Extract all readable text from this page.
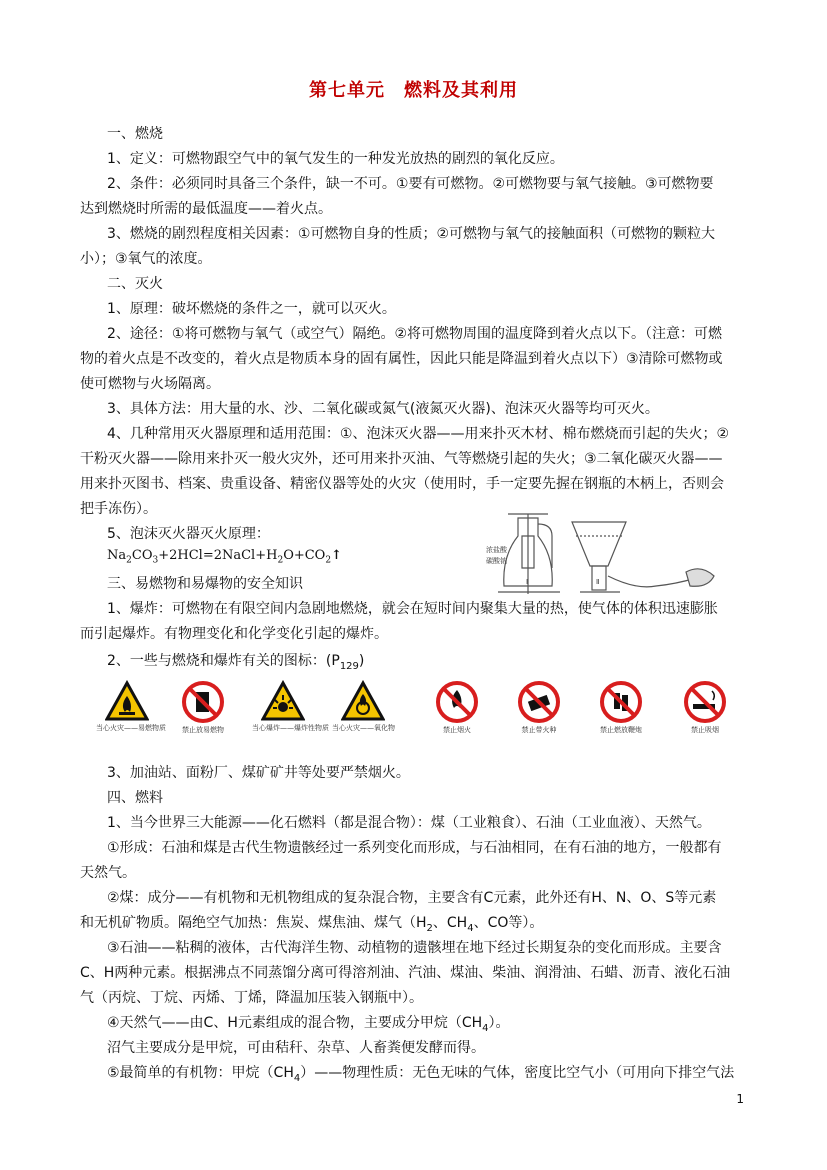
第七单元　燃料及其利用
一、燃烧
1、定义：可燃物跟空气中的氧气发生的一种发光放热的剧烈的氧化反应。
2、条件：必须同时具备三个条件，缺一不可。①要有可燃物。②可燃物要与氧气接触。③可燃物要
达到燃烧时所需的最低温度——着火点。
3、燃烧的剧烈程度相关因素：①可燃物自身的性质；②可燃物与氧气的接触面积（可燃物的颗粒大
小）；③氧气的浓度。
二、灭火
1、原理：破坏燃烧的条件之一，就可以灭火。
2、途径：①将可燃物与氧气（或空气）隔绝。②将可燃物周围的温度降到着火点以下。（注意：可燃
物的着火点是不改变的，着火点是物质本身的固有属性，因此只能是降温到着火点以下）③清除可燃物或
使可燃物与火场隔离。
3、具体方法：用大量的水、沙、二氧化碳或氮气(液氮灭火器)、泡沫灭火器等均可灭火。
4、几种常用灭火器原理和适用范围：①、泡沫灭火器——用来扑灭木材、棉布燃烧而引起的失火；②
干粉灭火器——除用来扑灭一般火灾外，还可用来扑灭油、气等燃烧引起的失火；③二氧化碳灭火器——
用来扑灭图书、档案、贵重设备、精密仪器等处的火灾（使用时，手一定要先握在钢瓶的木柄上，否则会
把手冻伤）。
5、泡沫灭火器灭火原理：
$Na_2CO_3+2HCl=2NaCl+H_2O+CO_2↑$	浓盐酸
碳酸钠
Ⅰ	Ⅱ
三、易燃物和易爆物的安全知识
1、爆炸：可燃物在有限空间内急剧地燃烧，就会在短时间内聚集大量的热，使气体的体积迅速膨胀
而引起爆炸。有物理变化和化学变化引起的爆炸。
2、一些与燃烧和爆炸有关的图标：$(P_{129})$
当心火灾——易燃物质	禁止放易燃物	当心爆炸——爆炸性物质 当心火灾——氧化物	禁止烟火	禁止带火种	禁止燃放鞭炮	禁止吸烟
3、加油站、面粉厂、煤矿矿井等处要严禁烟火。
四、燃料
1、当今世界三大能源——化石燃料（都是混合物）：煤（工业粮食）、石油（工业血液）、天然气。
①形成：石油和煤是古代生物遗骸经过一系列变化而形成，与石油相同，在有石油的地方，一般都有
天然气。
②煤：成分——有机物和无机物组成的复杂混合物，主要含有C元素，此外还有H、N、O、S等元素
和无机矿物质。隔绝空气加热：焦炭、煤焦油、煤气（$H_2$、$CH_4$、CO等）。
③石油——粘稠的液体，古代海洋生物、动植物的遗骸埋在地下经过长期复杂的变化而形成。主要含
C、H两种元素。根据沸点不同蒸馏分离可得溶剂油、汽油、煤油、柴油、润滑油、石蜡、沥青、液化石油
气（丙烷、丁烷、丙烯、丁烯，降温加压装入钢瓶中）。
④天然气——由C、H元素组成的混合物，主要成分甲烷$(CH_4)$。
沼气主要成分是甲烷，可由秸秆、杂草、人畜粪便发酵而得。
⑤最简单的有机物：甲烷$(CH_4)——$物理性质：无色无味的气体，密度比空气小（可用向下排空气法
1
